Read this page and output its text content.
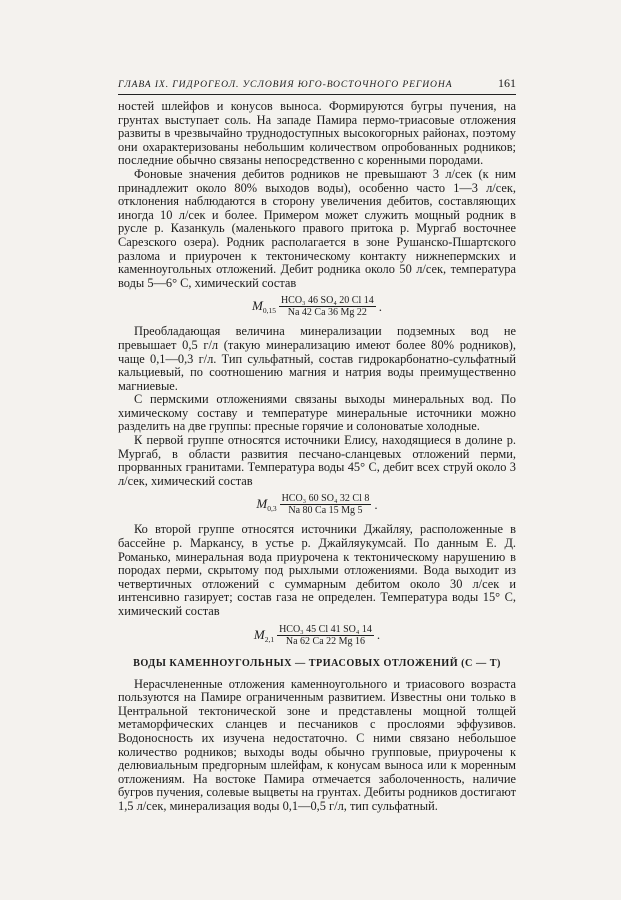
ГЛАВА IX. ГИДРОГЕОЛ. УСЛОВИЯ ЮГО-ВОСТОЧНОГО РЕГИОНА	161

ностей шлейфов и конусов выноса. Формируются бугры пучения, на грунтах выступает соль. На западе Памира пермо-триасовые отложения развиты в чрезвычайно труднодоступных высокогорных районах, поэтому они охарактеризованы небольшим количеством опробованных родников; последние обычно связаны непосредственно с коренными породами.

Фоновые значения дебитов родников не превышают 3 л/сек (к ним принадлежит около 80% выходов воды), особенно часто 1—3 л/сек, отклонения наблюдаются в сторону увеличения дебитов, составляющих иногда 10 л/сек и более. Примером может служить мощный родник в русле р. Казанкуль (маленького правого притока р. Мургаб восточнее Сарезского озера). Родник располагается в зоне Рушанско-Пшартского разлома и приурочен к тектоническому контакту нижнепермских и каменноугольных отложений. Дебит родника около 50 л/сек, температура воды 5—6° С, химический состав

$M_{0,15} \frac{\text{HCO₃ 46 SO₄ 20 Cl 14}}{Na 42 Ca 36 Mg 22}$ .

Преобладающая величина минерализации подземных вод не превышает 0,5 г/л (такую минерализацию имеют более 80% родников), чаще 0,1—0,3 г/л. Тип сульфатный, состав гидрокарбонатно-сульфатный кальциевый, по соотношению магния и натрия воды преимущественно магниевые.

С пермскими отложениями связаны выходы минеральных вод. По химическому составу и температуре минеральные источники можно разделить на две группы: пресные горячие и солоноватые холодные.

К первой группе относятся источники Елису, находящиеся в долине р. Мургаб, в области развития песчано-сланцевых отложений перми, прорванных гранитами. Температура воды 45° С, дебит всех струй около 3 л/сек, химический состав

$M_{0,3} \frac{\text{HCO₃ 60 SO₄ 32 Cl 8}}{Na 80 Ca 15 Mg 5}$ .

Ко второй группе относятся источники Джайляу, расположенные в бассейне р. Маркансу, в устье р. Джайляукумсай. По данным Е. Д. Романько, минеральная вода приурочена к тектоническому нарушению в породах перми, скрытому под рыхлыми отложениями. Вода выходит из четвертичных отложений с суммарным дебитом около 30 л/сек и интенсивно газирует; состав газа не определен. Температура воды 15° С, химический состав

$M_{2,1} \frac{\text{HCO₃ 45 Cl 41 SO₄ 14}}{Na 62 Ca 22 Mg 16}$ .
ВОДЫ КАМЕННОУГОЛЬНЫХ — ТРИАСОВЫХ ОТЛОЖЕНИЙ (С — Т)

Нерасчлененные отложения каменноугольного и триасового возраста пользуются на Памире ограниченным развитием. Известны они только в Центральной тектонической зоне и представлены мощной толщей метаморфических сланцев и песчаников с прослоями эффузивов. Водоносность их изучена недостаточно. С ними связано небольшое количество родников; выходы воды обычно групповые, приурочены к делювиальным предгорным шлейфам, к конусам выноса или к моренным отложениям. На востоке Памира отмечается заболоченность, наличие бугров пучения, солевые выцветы на грунтах. Дебиты родников достигают 1,5 л/сек, минерализация воды 0,1—0,5 г/л, тип сульфатный.
